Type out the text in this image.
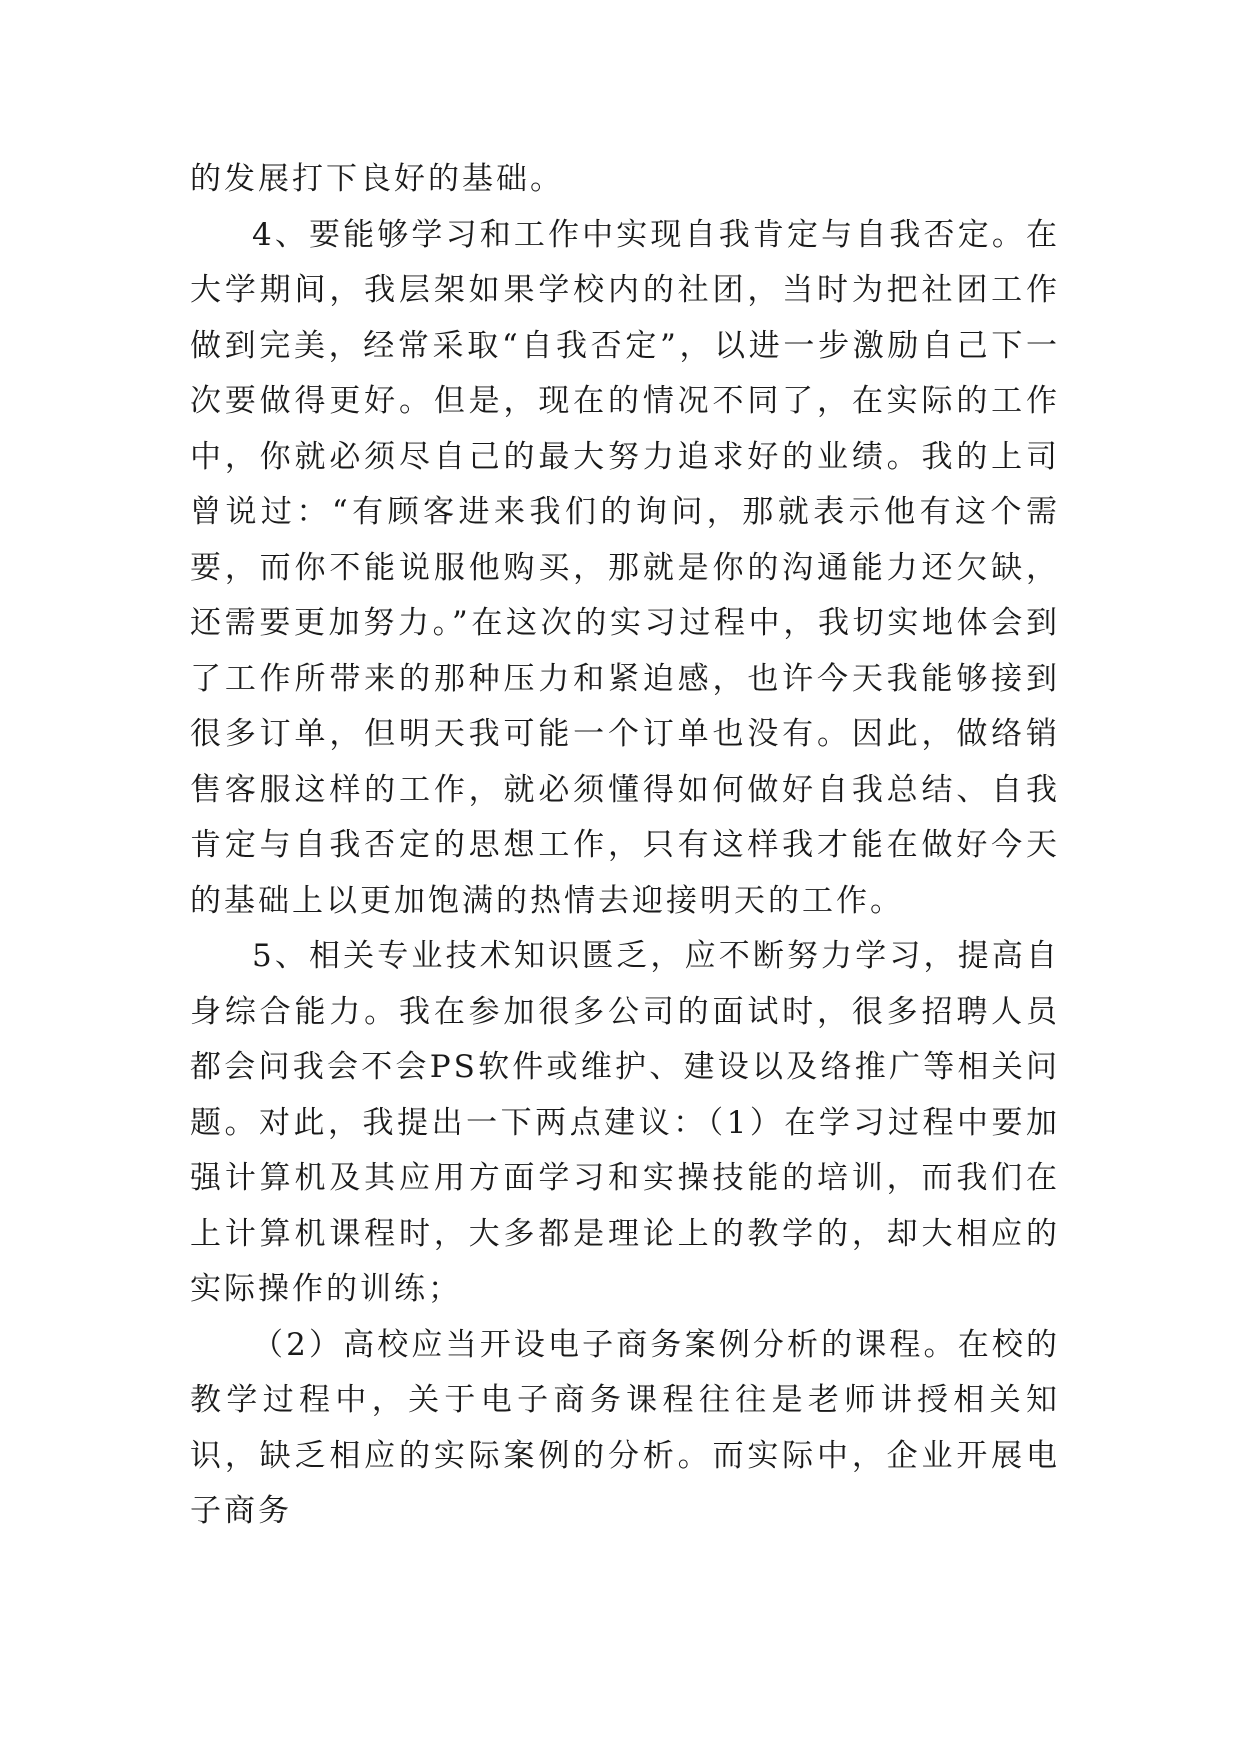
的发展打下良好的基础。

4、要能够学习和工作中实现自我肯定与自我否定。在大学期间，我层架如果学校内的社团，当时为把社团工作做到完美，经常采取“自我否定”，以进一步激励自己下一次要做得更好。但是，现在的情况不同了，在实际的工作中，你就必须尽自己的最大努力追求好的业绩。我的上司曾说过：“有顾客进来我们的询问，那就表示他有这个需要，而你不能说服他购买，那就是你的沟通能力还欠缺，还需要更加努力。”在这次的实习过程中，我切实地体会到了工作所带来的那种压力和紧迫感，也许今天我能够接到很多订单，但明天我可能一个订单也没有。因此，做络销售客服这样的工作，就必须懂得如何做好自我总结、自我肯定与自我否定的思想工作，只有这样我才能在做好今天的基础上以更加饱满的热情去迎接明天的工作。

5、相关专业技术知识匮乏，应不断努力学习，提高自身综合能力。我在参加很多公司的面试时，很多招聘人员都会问我会不会PS软件或维护、建设以及络推广等相关问题。对此，我提出一下两点建议：（1）在学习过程中要加强计算机及其应用方面学习和实操技能的培训，而我们在上计算机课程时，大多都是理论上的教学的，却大相应的实际操作的训练；

（2）高校应当开设电子商务案例分析的课程。在校的教学过程中，关于电子商务课程往往是老师讲授相关知识，缺乏相应的实际案例的分析。而实际中，企业开展电子商务
